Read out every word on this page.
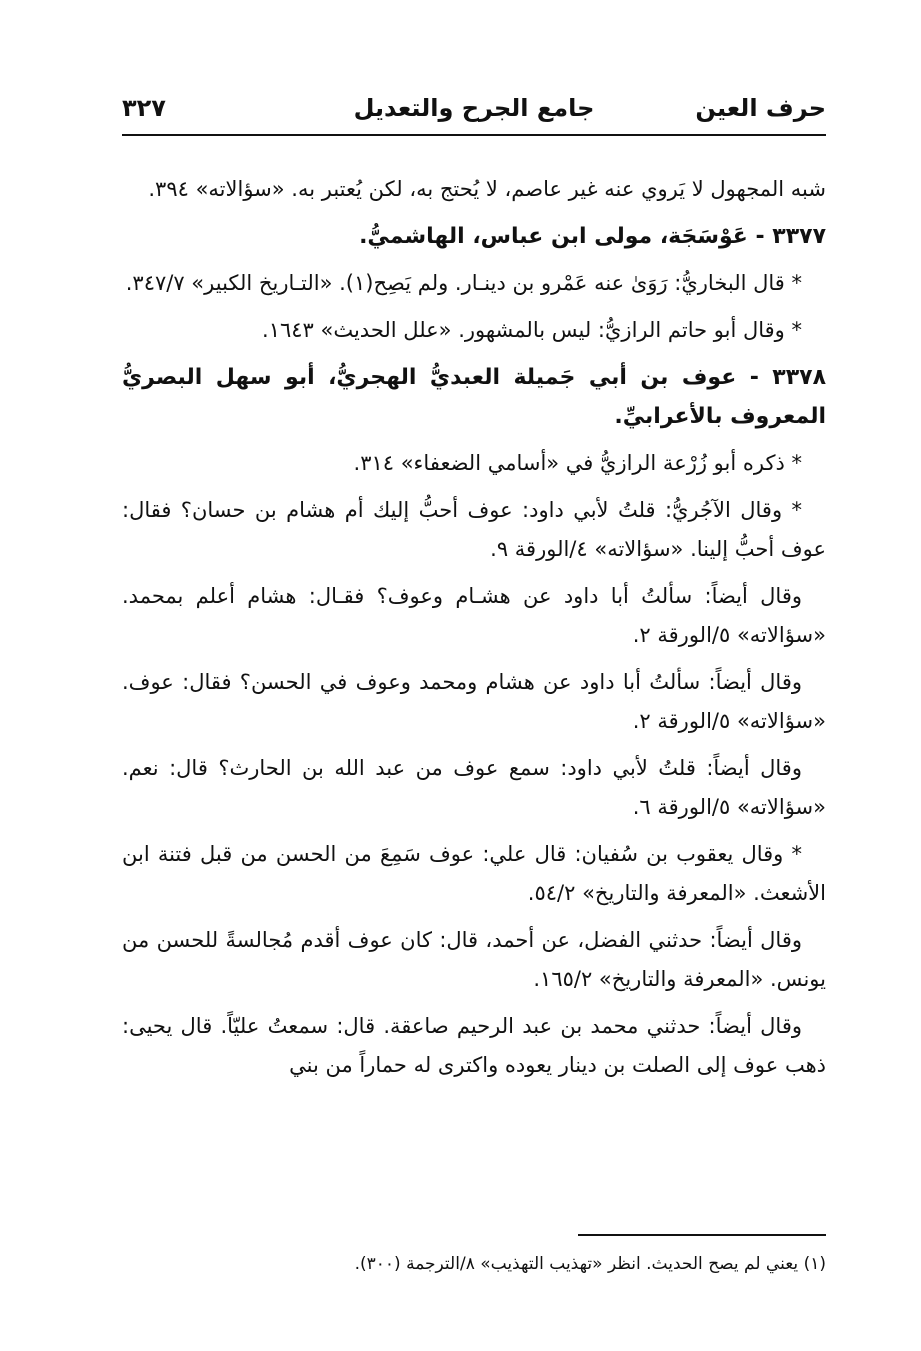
حرف العين
جامع الجرح والتعديل
٣٢٧

شبه المجهول لا يَروي عنه غير عاصم، لا يُحتج به، لكن يُعتبر به. «سؤالاته» ٣٩٤.

٣٣٧٧ - عَوْسَجَة، مولى ابن عباس، الهاشميُّ.

* قال البخاريُّ: رَوَىٰ عنه عَمْرو بن دينـار. ولم يَصِح(١). «التـاريخ الكبير» ٣٤٧/٧.

* وقال أبو حاتم الرازيُّ: ليس بالمشهور. «علل الحديث» ١٦٤٣.

٣٣٧٨ - عوف بن أبي جَميلة العبديُّ الهجريُّ، أبو سهل البصريُّ المعروف بالأعرابيِّ.

* ذكره أبو زُرْعة الرازيُّ في «أسامي الضعفاء» ٣١٤.

* وقال الآجُريُّ: قلتُ لأبي داود: عوف أحبُّ إليك أم هشام بن حسان؟ فقال: عوف أحبُّ إلينا. «سؤالاته» ٤/الورقة ٩.

وقال أيضاً: سألتُ أبا داود عن هشـام وعوف؟ فقـال: هشام أعلم بمحمد. «سؤالاته» ٥/الورقة ٢.

وقال أيضاً: سألتُ أبا داود عن هشام ومحمد وعوف في الحسن؟ فقال: عوف. «سؤالاته» ٥/الورقة ٢.

وقال أيضاً: قلتُ لأبي داود: سمع عوف من عبد الله بن الحارث؟ قال: نعم. «سؤالاته» ٥/الورقة ٦.

* وقال يعقوب بن سُفيان: قال علي: عوف سَمِعَ من الحسن من قبل فتنة ابن الأشعث. «المعرفة والتاريخ» ٥٤/٢.

وقال أيضاً: حدثني الفضل، عن أحمد، قال: كان عوف أقدم مُجالسةً للحسن من يونس. «المعرفة والتاريخ» ١٦٥/٢.

وقال أيضاً: حدثني محمد بن عبد الرحيم صاعقة. قال: سمعتُ عليّاً. قال يحيى: ذهب عوف إلى الصلت بن دينار يعوده واكترى له حماراً من بني

(١) يعني لم يصح الحديث. انظر «تهذيب التهذيب» ٨/الترجمة (٣٠٠).
